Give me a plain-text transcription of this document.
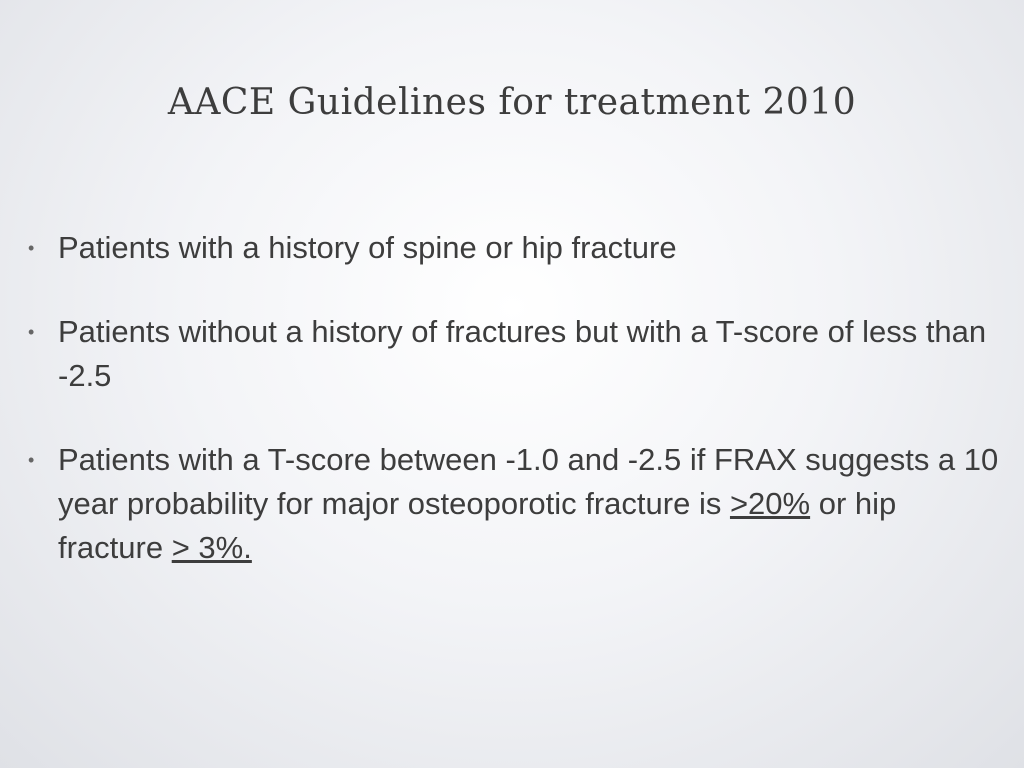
AACE Guidelines for treatment 2010
• Patients with a history of spine or hip fracture
• Patients without a history of fractures but with a T-score of less than -2.5
• Patients with a T-score between -1.0 and -2.5 if FRAX suggests a 10 year probability for major osteoporotic fracture is >20% or hip fracture > 3%.
